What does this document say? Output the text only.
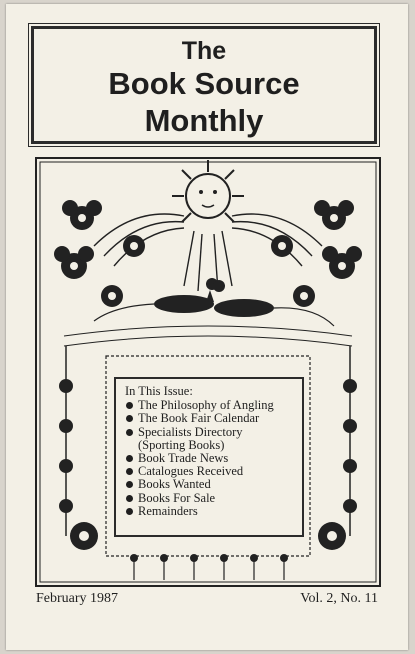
The
Book Source
Monthly
In This Issue:
The Philosophy of Angling
The Book Fair Calendar
Specialists Directory
(Sporting Books)
Book Trade News
Catalogues Received
Books Wanted
Books For Sale
Remainders
February 1987	Vol. 2, No. 11
